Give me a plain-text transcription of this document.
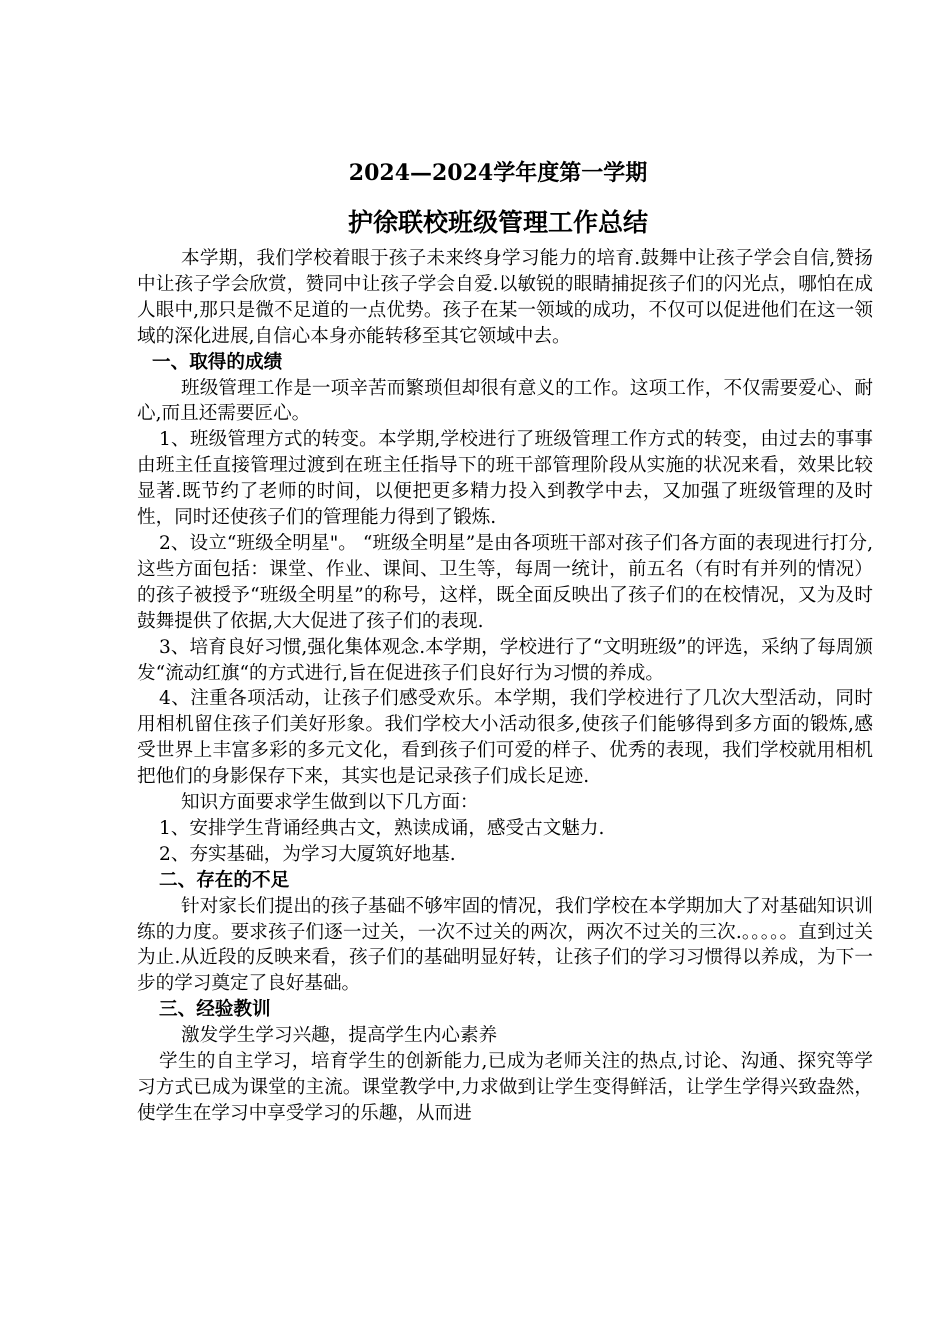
2024—2024学年度第一学期
护徐联校班级管理工作总结

本学期，我们学校着眼于孩子未来终身学习能力的培育.鼓舞中让孩子学会自信,赞扬中让孩子学会欣赏，赞同中让孩子学会自爱.以敏锐的眼睛捕捉孩子们的闪光点，哪怕在成人眼中,那只是微不足道的一点优势。孩子在某一领域的成功，不仅可以促进他们在这一领域的深化进展,自信心本身亦能转移至其它领域中去。

一、取得的成绩

班级管理工作是一项辛苦而繁琐但却很有意义的工作。这项工作，不仅需要爱心、耐心,而且还需要匠心。

1、班级管理方式的转变。本学期,学校进行了班级管理工作方式的转变，由过去的事事由班主任直接管理过渡到在班主任指导下的班干部管理阶段从实施的状况来看，效果比较显著.既节约了老师的时间，以便把更多精力投入到教学中去，又加强了班级管理的及时性，同时还使孩子们的管理能力得到了锻炼.

2、设立“班级全明星"。 “班级全明星”是由各项班干部对孩子们各方面的表现进行打分,这些方面包括：课堂、作业、课间、卫生等，每周一统计，前五名（有时有并列的情况）的孩子被授予“班级全明星”的称号，这样，既全面反映出了孩子们的在校情况，又为及时鼓舞提供了依据,大大促进了孩子们的表现.

3、培育良好习惯,强化集体观念.本学期，学校进行了“文明班级”的评选，采纳了每周颁发“流动红旗“的方式进行,旨在促进孩子们良好行为习惯的养成。

4、注重各项活动，让孩子们感受欢乐。本学期，我们学校进行了几次大型活动，同时用相机留住孩子们美好形象。我们学校大小活动很多,使孩子们能够得到多方面的锻炼,感受世界上丰富多彩的多元文化，看到孩子们可爱的样子、优秀的表现，我们学校就用相机把他们的身影保存下来，其实也是记录孩子们成长足迹.

知识方面要求学生做到以下几方面：

1、安排学生背诵经典古文，熟读成诵，感受古文魅力.

2、夯实基础，为学习大厦筑好地基.

二、存在的不足

针对家长们提出的孩子基础不够牢固的情况，我们学校在本学期加大了对基础知识训练的力度。要求孩子们逐一过关，一次不过关的两次，两次不过关的三次.。。。。。直到过关为止.从近段的反映来看，孩子们的基础明显好转，让孩子们的学习习惯得以养成，为下一步的学习奠定了良好基础。

三、经验教训

激发学生学习兴趣，提高学生内心素养

学生的自主学习，培育学生的创新能力,已成为老师关注的热点,讨论、沟通、探究等学习方式已成为课堂的主流。课堂教学中,力求做到让学生变得鲜活，让学生学得兴致盎然，使学生在学习中享受学习的乐趣，从而进
